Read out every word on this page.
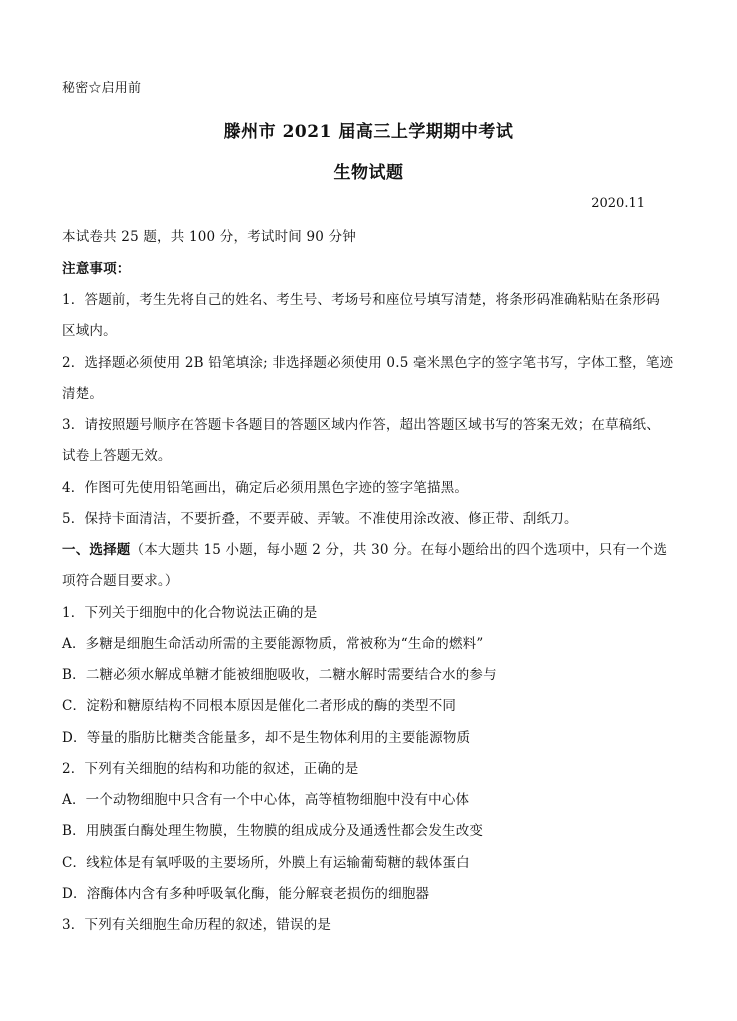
秘密☆启用前
滕州市 2021 届高三上学期期中考试
生物试题
2020.11
本试卷共 25 题，共 100 分，考试时间 90 分钟
注意事项：
1．答题前，考生先将自己的姓名、考生号、考场号和座位号填写清楚，将条形码准确粘贴在条形码
区域内。
2．选择题必须使用 2B 铅笔填涂; 非选择题必须使用 0.5 毫米黑色字的签字笔书写，字体工整，笔迹
清楚。
3．请按照题号顺序在答题卡各题目的答题区域内作答，超出答题区域书写的答案无效；在草稿纸、
试卷上答题无效。
4．作图可先使用铅笔画出，确定后必须用黑色字迹的签字笔描黑。
5．保持卡面清洁，不要折叠，不要弄破、弄皱。不准使用涂改液、修正带、刮纸刀。
一、选择题（本大题共 15 小题，每小题 2 分，共 30 分。在每小题给出的四个选项中，只有一个选
项符合题目要求。）
1．下列关于细胞中的化合物说法正确的是
A．多糖是细胞生命活动所需的主要能源物质，常被称为“生命的燃料”
B．二糖必须水解成单糖才能被细胞吸收，二糖水解时需要结合水的参与
C．淀粉和糖原结构不同根本原因是催化二者形成的酶的类型不同
D．等量的脂肪比糖类含能量多，却不是生物体利用的主要能源物质
2．下列有关细胞的结构和功能的叙述，正确的是
A．一个动物细胞中只含有一个中心体，高等植物细胞中没有中心体
B．用胰蛋白酶处理生物膜，生物膜的组成成分及通透性都会发生改变
C．线粒体是有氧呼吸的主要场所，外膜上有运输葡萄糖的载体蛋白
D．溶酶体内含有多种呼吸氧化酶，能分解衰老损伤的细胞器
3．下列有关细胞生命历程的叙述，错误的是
